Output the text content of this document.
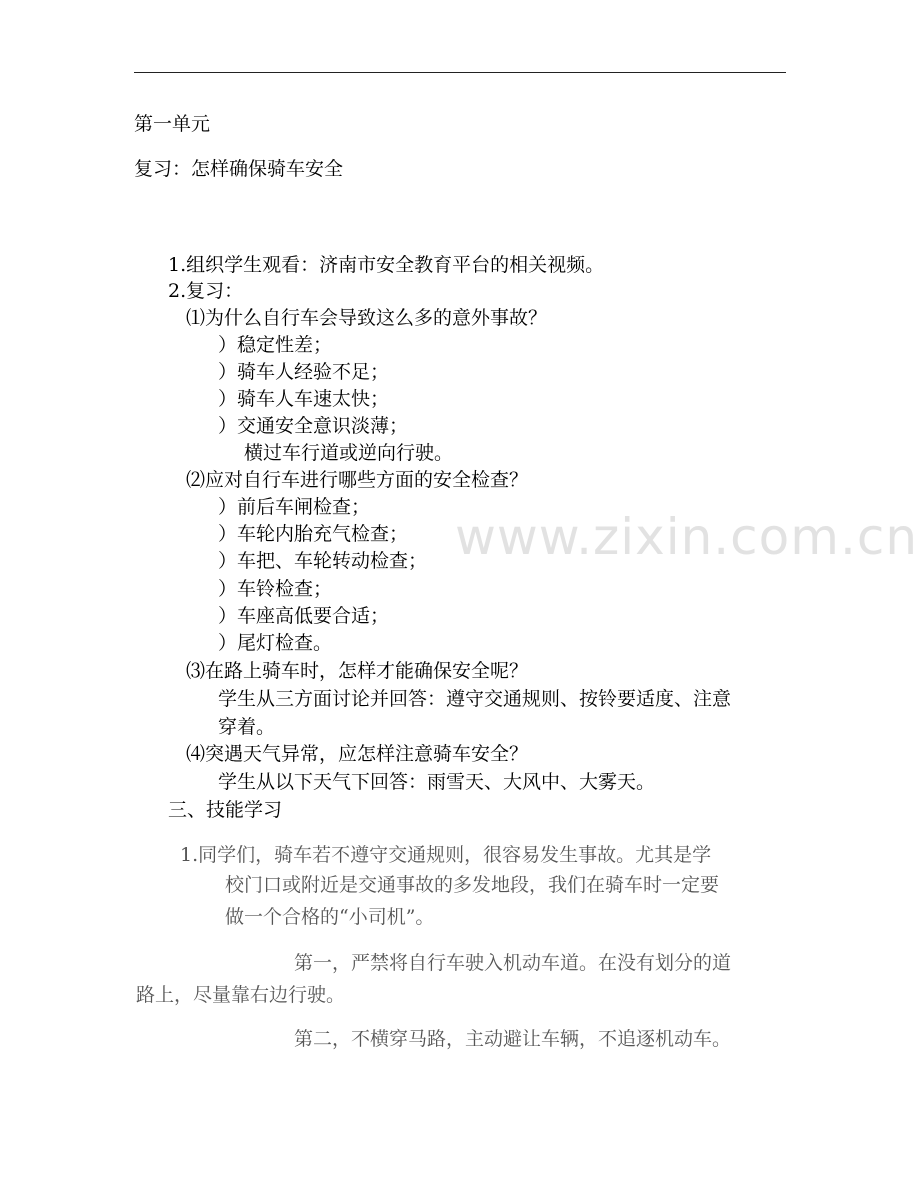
www.zixin.com.cn
第一单元
复习：怎样确保骑车安全
1.组织学生观看：济南市安全教育平台的相关视频。
2.复习：
⑴为什么自行车会导致这么多的意外事故？
）稳定性差；
）骑车人经验不足；
）骑车人车速太快；
）交通安全意识淡薄；
横过车行道或逆向行驶。
⑵应对自行车进行哪些方面的安全检查？
）前后车闸检查；
）车轮内胎充气检查；
）车把、车轮转动检查；
）车铃检查；
）车座高低要合适；
）尾灯检查。
⑶在路上骑车时，怎样才能确保安全呢？
学生从三方面讨论并回答：遵守交通规则、按铃要适度、注意
穿着。
⑷突遇天气异常，应怎样注意骑车安全？
学生从以下天气下回答：雨雪天、大风中、大雾天。
三、技能学习
1.同学们，骑车若不遵守交通规则，很容易发生事故。尤其是学
校门口或附近是交通事故的多发地段，我们在骑车时一定要
做一个合格的“小司机”。
第一，严禁将自行车驶入机动车道。在没有划分的道
路上，尽量靠右边行驶。
第二，不横穿马路，主动避让车辆，不追逐机动车。
